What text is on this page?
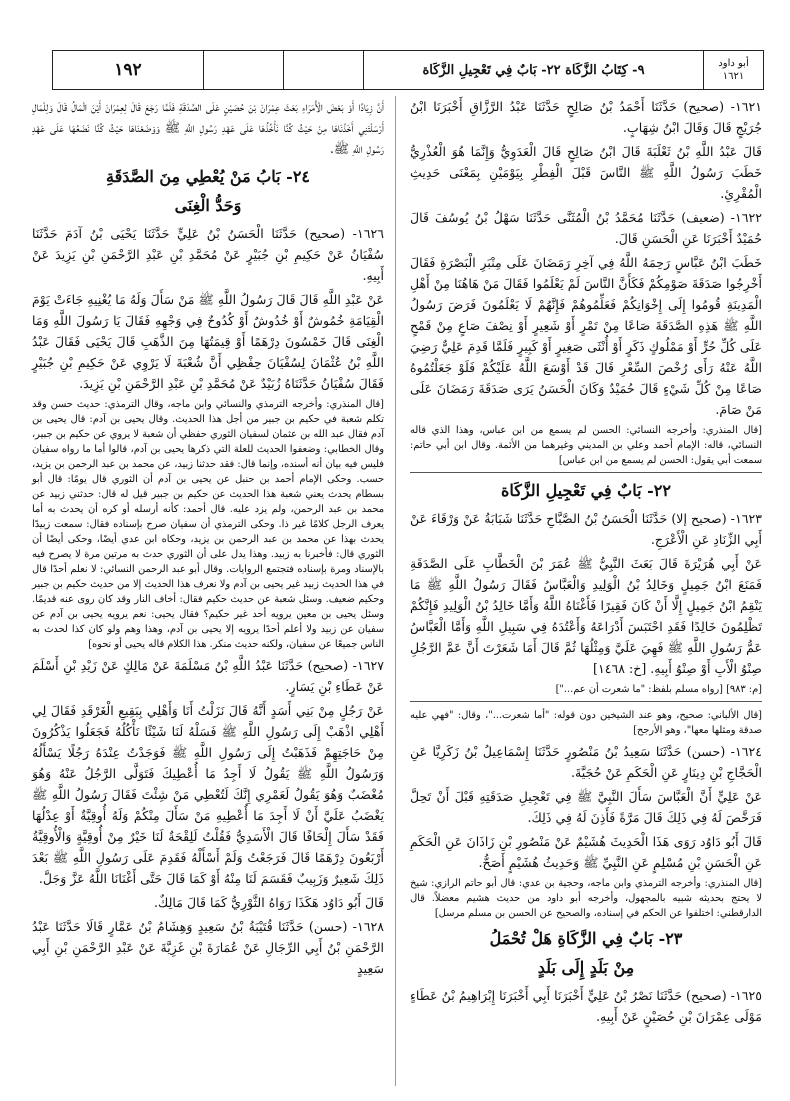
١٩٢	٩- كِتَابُ الزَّكَاة ٢٢- بَابٌ فِي تَعْجِيلِ الزَّكَاة	أبو داود
١٦٢١

١٦٢١- (صحيح) حَدَّثَنَا أَحْمَدُ بْنُ صَالِحٍ حَدَّثَنَا عَبْدُ الرَّزَّاقِ أَخْبَرَنَا ابْنُ جُرَيْجٍ قَالَ وَقَالَ ابْنُ شِهَابٍ.

قَالَ عَبْدُ اللَّهِ بْنُ ثَعْلَبَةَ قَالَ ابْنُ صَالِحٍ قَالَ الْعَدَوِيُّ وَإِنَّمَا هُوَ الْعُذْرِيُّ خَطَبَ رَسُولُ اللَّهِ ﷺ النَّاسَ قَبْلَ الْفِطْرِ بِيَوْمَيْنِ بِمَعْنَى حَدِيثِ الْمُقْرِئِ.

١٦٢٢- (ضعيف) حَدَّثَنَا مُحَمَّدُ بْنُ الْمُثَنَّى حَدَّثَنَا سَهْلُ بْنُ يُوسُفَ قَالَ حُمَيْدٌ أَخْبَرَنَا عَنِ الْحَسَنِ قَالَ.

خَطَبَ ابْنُ عَبَّاسٍ رَحِمَهُ اللَّهُ فِي آخِرِ رَمَضَانَ عَلَى مِنْبَرِ الْبَصْرَةِ فَقَالَ أَخْرِجُوا صَدَقَةَ صَوْمِكُمْ فَكَأَنَّ النَّاسَ لَمْ يَعْلَمُوا فَقَالَ مَنْ هَاهُنَا مِنْ أَهْلِ الْمَدِينَةِ قُومُوا إِلَى إِخْوَانِكُمْ فَعَلِّمُوهُمْ فَإِنَّهُمْ لَا يَعْلَمُونَ فَرَضَ رَسُولُ اللَّهِ ﷺ هَذِهِ الصَّدَقَةَ صَاعًا مِنْ تَمْرٍ أَوْ شَعِيرٍ أَوْ نِصْفَ صَاعٍ مِنْ قَمْحٍ عَلَى كُلِّ حُرٍّ أَوْ مَمْلُوكٍ ذَكَرٍ أَوْ أُنْثَى صَغِيرٍ أَوْ كَبِيرٍ فَلَمَّا قَدِمَ عَلِيٌّ رَضِيَ اللَّهُ عَنْهُ رَأَى رُخْصَ السِّعْرِ قَالَ قَدْ أَوْسَعَ اللَّهُ عَلَيْكُمْ فَلَوْ جَعَلْتُمُوهُ صَاعًا مِنْ كُلِّ شَيْءٍ قَالَ حُمَيْدٌ وَكَانَ الْحَسَنُ يَرَى صَدَقَةَ رَمَضَانَ عَلَى مَنْ صَامَ.

[قال المنذري: وأخرجه النسائي: الحسن لم يسمع من ابن عباس، وهذا الذي قاله النسائي، قاله: الإمام أحمد وعلي بن المديني وغيرهما من الأئمة. وقال ابن أبي حاتم: سمعت أبي يقول: الحسن لم يسمع من ابن عباس]

٢٢- بَابٌ فِي تَعْجِيلِ الزَّكَاة

١٦٢٣- (صحيح إلا) حَدَّثَنَا الْحَسَنُ بْنُ الصَّبَّاحِ حَدَّثَنَا شَبَابَةُ عَنْ وَرْقَاءَ عَنْ أَبِي الزِّنَادِ عَنِ الْأَعْرَجِ.

عَنْ أَبِي هُرَيْرَةَ قَالَ بَعَثَ النَّبِيُّ ﷺ عُمَرَ بْنَ الْخَطَّابِ عَلَى الصَّدَقَةِ فَمَنَعَ ابْنُ جَمِيلٍ وَخَالِدُ بْنُ الْوَلِيدِ وَالْعَبَّاسُ فَقَالَ رَسُولُ اللَّهِ ﷺ مَا يَنْقِمُ ابْنُ جَمِيلٍ إِلَّا أَنْ كَانَ فَقِيرًا فَأَغْنَاهُ اللَّهُ وَأَمَّا خَالِدُ بْنُ الْوَلِيدِ فَإِنَّكُمْ تَظْلِمُونَ خَالِدًا فَقَدِ احْتَبَسَ أَدْرَاعَهُ وَأَعْتُدَهُ فِي سَبِيلِ اللَّهِ وَأَمَّا الْعَبَّاسُ عَمُّ رَسُولِ اللَّهِ ﷺ فَهِيَ عَلَيَّ وَمِثْلُهَا ثُمَّ قَالَ أَمَا شَعَرْتَ أَنَّ عَمَّ الرَّجُلِ صِنْوُ الْأَبِ أَوْ صِنْوُ أَبِيهِ. [خ: ١٤٦٨]

[م: ٩٨٣] [رواه مسلم بلفظ: "ما شعرت أن عم..."]

[قال الألباني: صحيح، وهو عند الشيخين دون قوله: "أما شعرت..."، وقال: "فهي عليه صدقة ومثلها معها"، وهو الأرجح]

١٦٢٤- (حسن) حَدَّثَنَا سَعِيدُ بْنُ مَنْصُورٍ حَدَّثَنَا إِسْمَاعِيلُ بْنُ زَكَرِيَّا عَنِ الْحَجَّاجِ بْنِ دِينَارٍ عَنِ الْحَكَمِ عَنْ حُجَيَّةَ.

عَنْ عَلِيٍّ أَنَّ الْعَبَّاسَ سَأَلَ النَّبِيَّ ﷺ فِي تَعْجِيلِ صَدَقَتِهِ قَبْلَ أَنْ تَحِلَّ فَرَخَّصَ لَهُ فِي ذَلِكَ قَالَ مَرَّةً فَأَذِنَ لَهُ فِي ذَلِكَ.

قَالَ أَبُو دَاوُد رَوَى هَذَا الْحَدِيثَ هُشَيْمٌ عَنْ مَنْصُورِ بْنِ زَاذَانَ عَنِ الْحَكَمِ عَنِ الْحَسَنِ بْنِ مُسْلِمٍ عَنِ النَّبِيِّ ﷺ وَحَدِيثُ هُشَيْمٍ أَصَحُّ.

[قال المنذري: وأخرجه الترمذي وابن ماجه، وحجية بن عدي: قال أبو حاتم الرازي: شيخ لا يحتج بحديثه شبيه بالمجهول، وأخرجه أبو داود من حديث هشيم معضلاً. قال الدارقطني: اختلفوا عن الحكم في إسناده، والصحيح عن الحسن بن مسلم مرسل]

٢٣- بَابٌ فِي الزَّكَاةِ هَلْ تُحْمَلُ
مِنْ بَلَدٍ إِلَى بَلَدٍ

١٦٢٥- (صحيح) حَدَّثَنَا نَصْرُ بْنُ عَلِيٍّ أَخْبَرَنَا أَبِي أَخْبَرَنَا إِبْرَاهِيمُ بْنُ عَطَاءٍ مَوْلَى عِمْرَانَ بْنِ حُصَيْنٍ عَنْ أَبِيهِ.

أَنَّ زِيَادًا أَوْ بَعْضَ الْأُمَرَاءِ بَعَثَ عِمْرَانَ بْنَ حُصَيْنٍ عَلَى الصَّدَقَةِ فَلَمَّا رَجَعَ قَالَ لِعِمْرَانَ أَيْنَ الْمَالُ قَالَ وَلِلْمَالِ أَرْسَلْتَنِي أَخَذْنَاهَا مِنْ حَيْثُ كُنَّا نَأْخُذُهَا عَلَى عَهْدِ رَسُولِ اللَّهِ ﷺ وَوَضَعْنَاهَا حَيْثُ كُنَّا نَضَعُهَا عَلَى عَهْدِ رَسُولِ اللَّهِ ﷺ.

٢٤- بَابُ مَنْ يُعْطِي مِنَ الصَّدَقَةِ
وَحَدُّ الْغِنَى

١٦٢٦- (صحيح) حَدَّثَنَا الْحَسَنُ بْنُ عَلِيٍّ حَدَّثَنَا يَحْيَى بْنُ آدَمَ حَدَّثَنَا سُفْيَانُ عَنْ حَكِيمِ بْنِ جُبَيْرٍ عَنْ مُحَمَّدِ بْنِ عَبْدِ الرَّحْمَنِ بْنِ يَزِيدَ عَنْ أَبِيهِ.

عَنْ عَبْدِ اللَّهِ قَالَ قَالَ رَسُولُ اللَّهِ ﷺ مَنْ سَأَلَ وَلَهُ مَا يُغْنِيهِ جَاءَتْ يَوْمَ الْقِيَامَةِ خُمُوشٌ أَوْ خُدُوشٌ أَوْ كُدُوحٌ فِي وَجْهِهِ فَقَالَ يَا رَسُولَ اللَّهِ وَمَا الْغِنَى قَالَ خَمْسُونَ دِرْهَمًا أَوْ قِيمَتُهَا مِنَ الذَّهَبِ قَالَ يَحْيَى فَقَالَ عَبْدُ اللَّهِ بْنُ عُثْمَانَ لِسُفْيَانَ حِفْظِي أَنَّ شُعْبَةَ لَا يَرْوِي عَنْ حَكِيمِ بْنِ جُبَيْرٍ فَقَالَ سُفْيَانُ حَدَّثَنَاهُ زُبَيْدٌ عَنْ مُحَمَّدِ بْنِ عَبْدِ الرَّحْمَنِ بْنِ يَزِيدَ.

[قال المنذري: وأخرجه الترمذي والنسائي وابن ماجه، وقال الترمذي: حديث حسن وقد تكلم شعبة في حكيم بن جبير من أجل هذا الحديث. وقال يحيى بن آدم: قال يحيى بن آدم فقال عبد الله بن عثمان لسفيان الثوري حفظي أن شعبة لا يروي عن حكيم بن جبير، وقال الخطابي: وضعفوا الحديث للعلة التي ذكرها يحيى بن آدم، قالوا أما ما رواه سفيان فليس فيه بيان أنه أسنده، وإنما قال: فقد حدثنا زبيد، عن محمد بن عبد الرحمن بن يزيد، حسب. وحكى الإمام أحمد بن حنبل عن يحيى بن آدم أن الثوري قال يومًا: قال أبو بسطام يحدث يعني شعبة هذا الحديث عن حكيم بن جبير قيل له قال: حدثني زبيد عن محمد بن عبد الرحمن، ولم يزد عليه. قال أحمد: كأنه أرسله أو كره أن يحدث به أما يعرف الرجل كلامًا غير ذا. وحكى الترمذي أن سفيان صرح بإسناده فقال: سمعت زبيدًا يحدث بهذا عن محمد بن عبد الرحمن بن يزيد، وحكاه ابن عدي أيضًا، وحكى أيضًا أن الثوري قال: فأخبرنا به زبيد. وهذا يدل على أن الثوري حدث به مرتين مرة لا يصرح فيه بالإسناد ومرة بإسناده فتجتمع الروايات. وقال أبو عبد الرحمن النسائي: لا نعلم أحدًا قال في هذا الحديث زبيد غير يحيى بن آدم ولا نعرف هذا الحديث إلا من حديث حكيم بن جبير وحكيم ضعيف. وسئل شعبة عن حديث حكيم فقال: أخاف النار وقد كان روى عنه قديمًا. وسئل يحيى بن معين يرويه أحد غير حكيم؟ فقال يحيى: نعم يرويه يحيى بن آدم عن سفيان عن زبيد ولا أعلم أحدًا يرويه إلا يحيى بن آدم، وهذا وهم ولو كان كذا لحدث به الناس جميعًا عن سفيان، ولكنه حديث منكر. هذا الكلام قاله يحيى أو نحوه]

١٦٢٧- (صحيح) حَدَّثَنَا عَبْدُ اللَّهِ بْنُ مَسْلَمَةَ عَنْ مَالِكٍ عَنْ زَيْدِ بْنِ أَسْلَمَ عَنْ عَطَاءِ بْنِ يَسَارٍ.

عَنْ رَجُلٍ مِنْ بَنِي أَسَدٍ أَنَّهُ قَالَ نَزَلْتُ أَنَا وَأَهْلِي بِبَقِيعِ الْغَرْقَدِ فَقَالَ لِي أَهْلِي اذْهَبْ إِلَى رَسُولِ اللَّهِ ﷺ فَسَلْهُ لَنَا شَيْئًا نَأْكُلُهُ فَجَعَلُوا يَذْكُرُونَ مِنْ حَاجَتِهِمْ فَذَهَبْتُ إِلَى رَسُولِ اللَّهِ ﷺ فَوَجَدْتُ عِنْدَهُ رَجُلًا يَسْأَلُهُ وَرَسُولُ اللَّهِ ﷺ يَقُولُ لَا أَجِدُ مَا أُعْطِيكَ فَتَوَلَّى الرَّجُلُ عَنْهُ وَهُوَ مُغْضَبٌ وَهُوَ يَقُولُ لَعَمْرِي إِنَّكَ لَتُعْطِي مَنْ شِئْتَ فَقَالَ رَسُولُ اللَّهِ ﷺ يَغْضَبُ عَلَيَّ أَنْ لَا أَجِدَ مَا أُعْطِيهِ مَنْ سَأَلَ مِنْكُمْ وَلَهُ أُوقِيَّةٌ أَوْ عِدْلُهَا فَقَدْ سَأَلَ إِلْحَافًا قَالَ الْأَسَدِيُّ فَقُلْتُ لَلِقْحَةٌ لَنَا خَيْرٌ مِنْ أُوقِيَّةٍ وَالْأُوقِيَّةُ أَرْبَعُونَ دِرْهَمًا قَالَ فَرَجَعْتُ وَلَمْ أَسْأَلْهُ فَقَدِمَ عَلَى رَسُولِ اللَّهِ ﷺ بَعْدَ ذَلِكَ شَعِيرٌ وَزَبِيبٌ فَقَسَمَ لَنَا مِنْهُ أَوْ كَمَا قَالَ حَتَّى أَغْنَانَا اللَّهُ عَزَّ وَجَلَّ.

قَالَ أَبُو دَاوُد هَكَذَا رَوَاهُ الثَّوْرِيُّ كَمَا قَالَ مَالِكٌ.

١٦٢٨- (حسن) حَدَّثَنَا قُتَيْبَةُ بْنُ سَعِيدٍ وَهِشَامُ بْنُ عَمَّارٍ قَالَا حَدَّثَنَا عَبْدُ الرَّحْمَنِ بْنُ أَبِي الرِّجَالِ عَنْ عُمَارَةَ بْنِ غَزِيَّةَ عَنْ عَبْدِ الرَّحْمَنِ بْنِ أَبِي سَعِيدٍ
